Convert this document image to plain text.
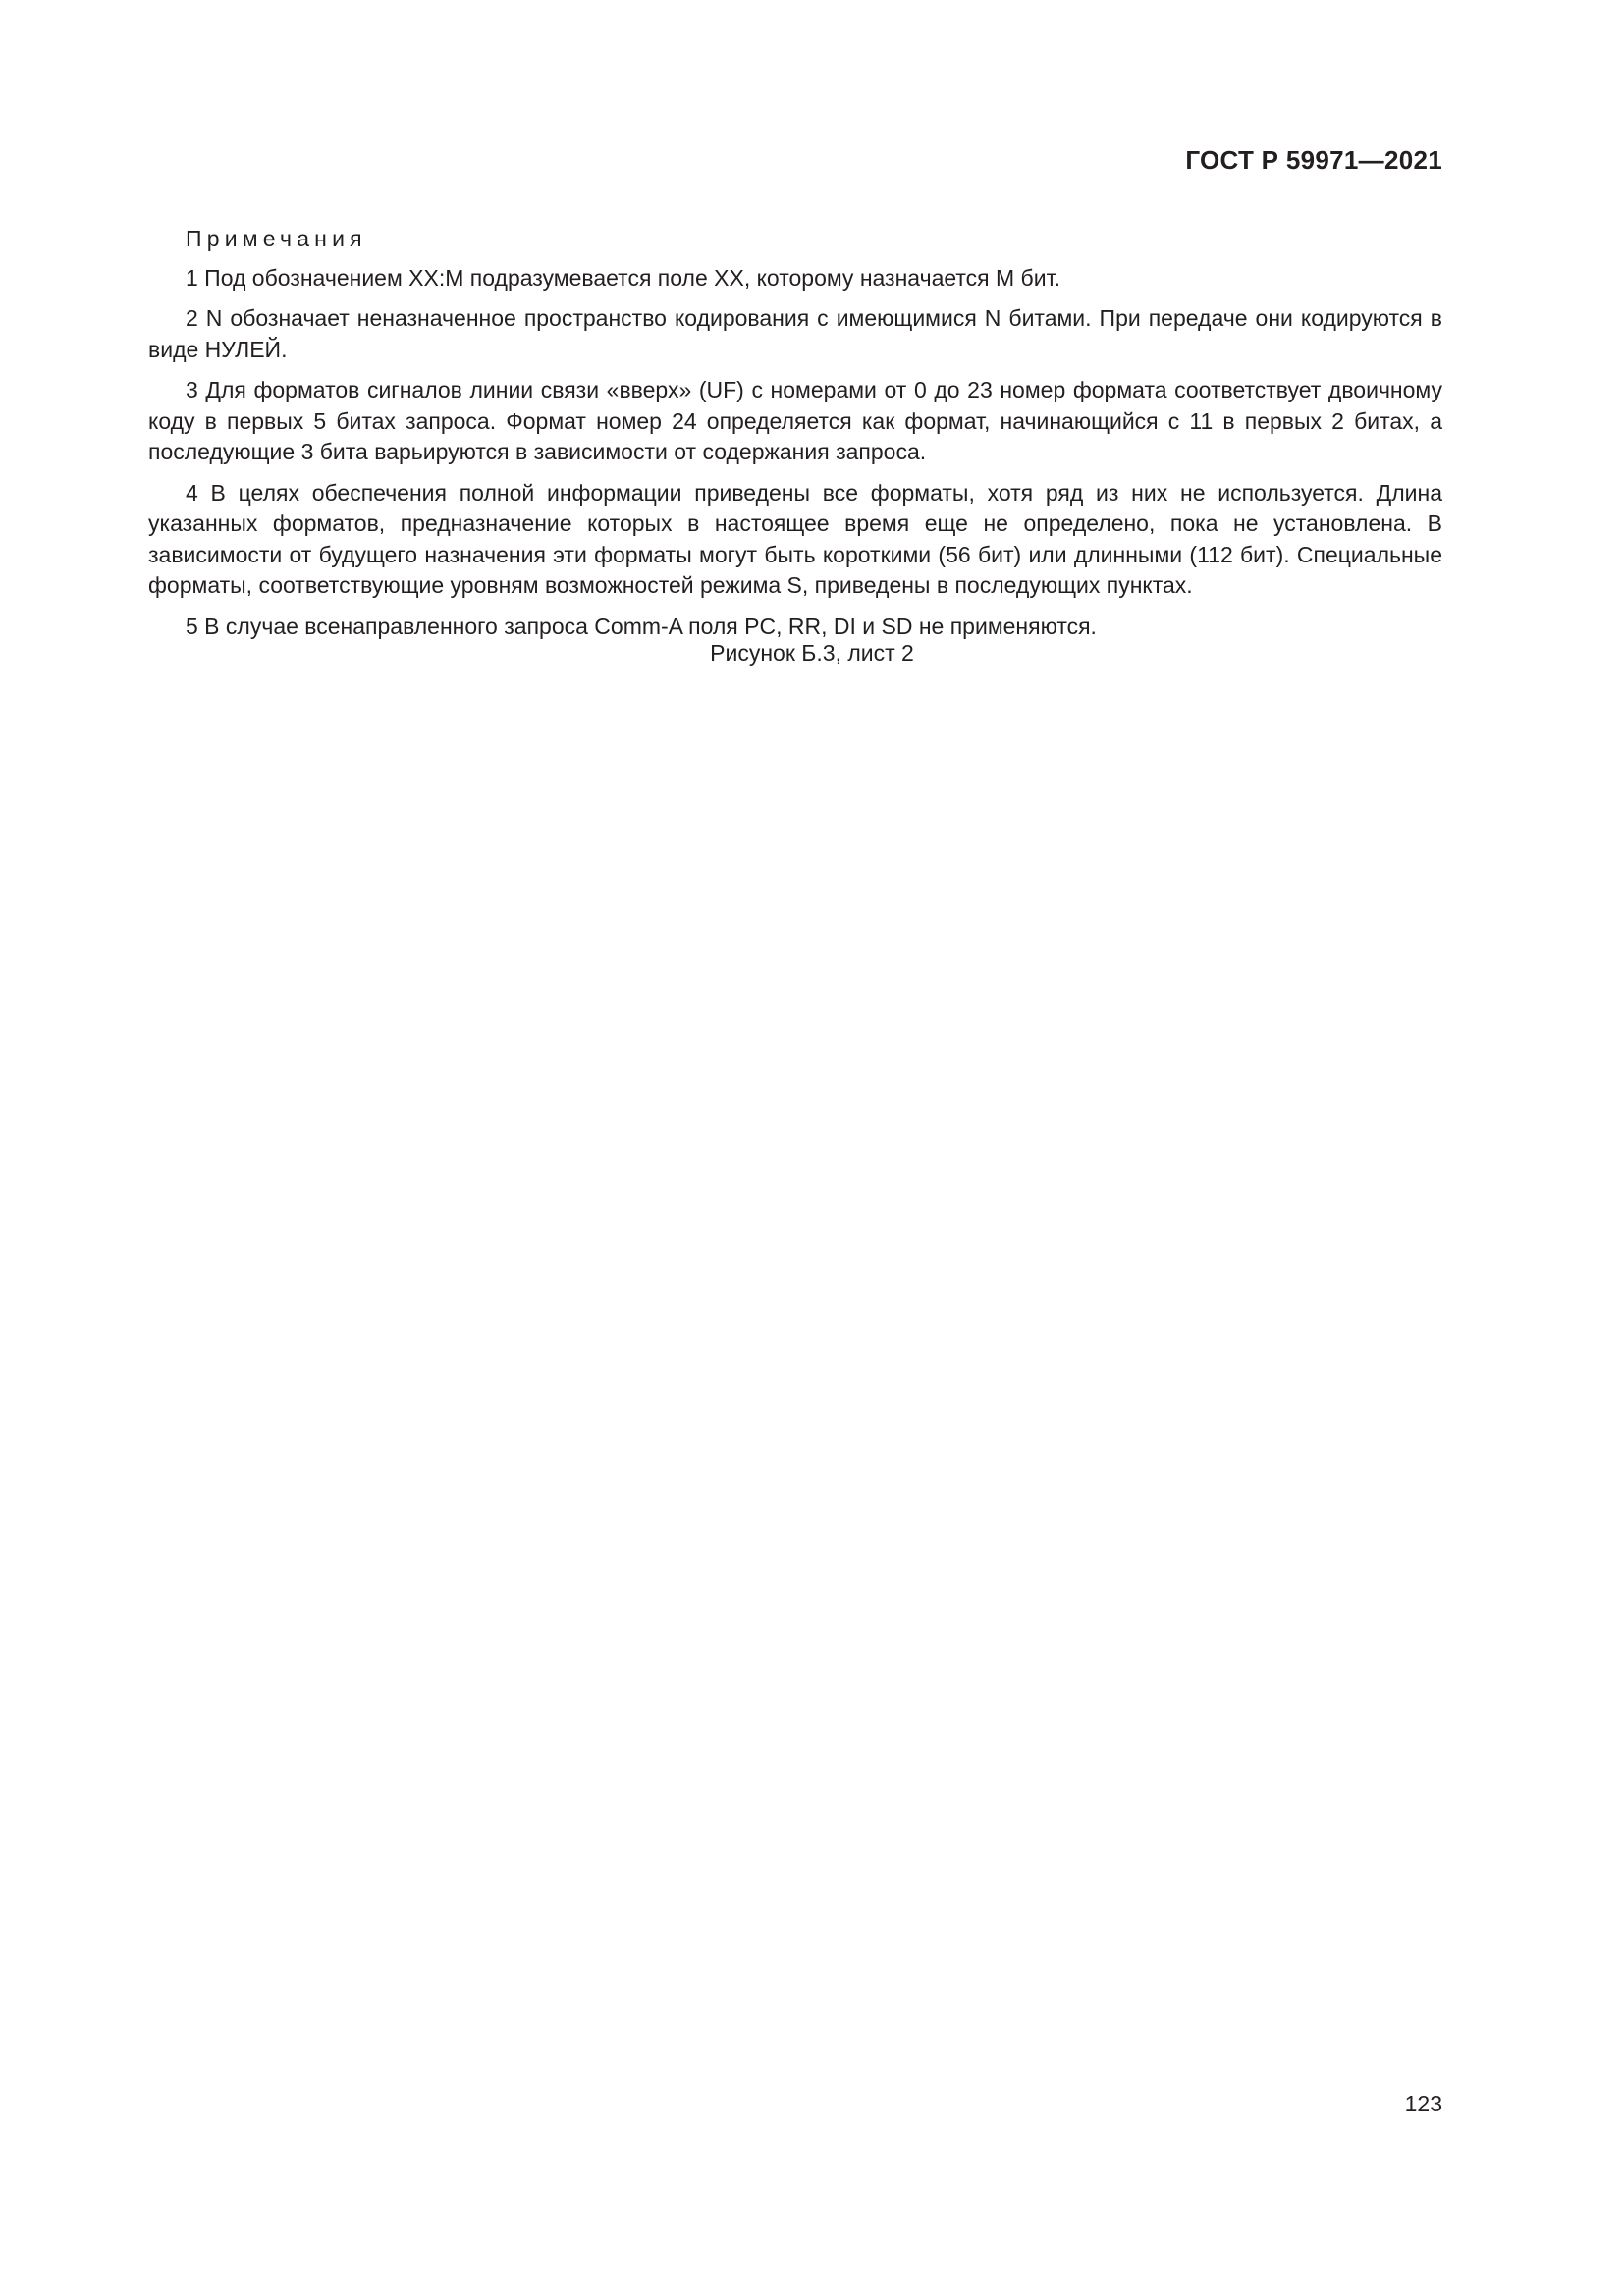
ГОСТ Р 59971—2021

Примечания

1 Под обозначением XX:M подразумевается поле XX, которому назначается M бит.

2 N обозначает неназначенное пространство кодирования с имеющимися N битами. При передаче они кодируются в виде НУЛЕЙ.

3 Для форматов сигналов линии связи «вверх» (UF) с номерами от 0 до 23 номер формата соответствует двоичному коду в первых 5 битах запроса. Формат номер 24 определяется как формат, начинающийся с 11 в первых 2 битах, а последующие 3 бита варьируются в зависимости от содержания запроса.

4 В целях обеспечения полной информации приведены все форматы, хотя ряд из них не используется. Длина указанных форматов, предназначение которых в настоящее время еще не определено, пока не установлена. В зависимости от будущего назначения эти форматы могут быть короткими (56 бит) или длинными (112 бит). Специальные форматы, соответствующие уровням возможностей режима S, приведены в последующих пунктах.

5 В случае всенаправленного запроса Comm-A поля PC, RR, DI и SD не применяются.

Рисунок Б.3, лист 2

123
